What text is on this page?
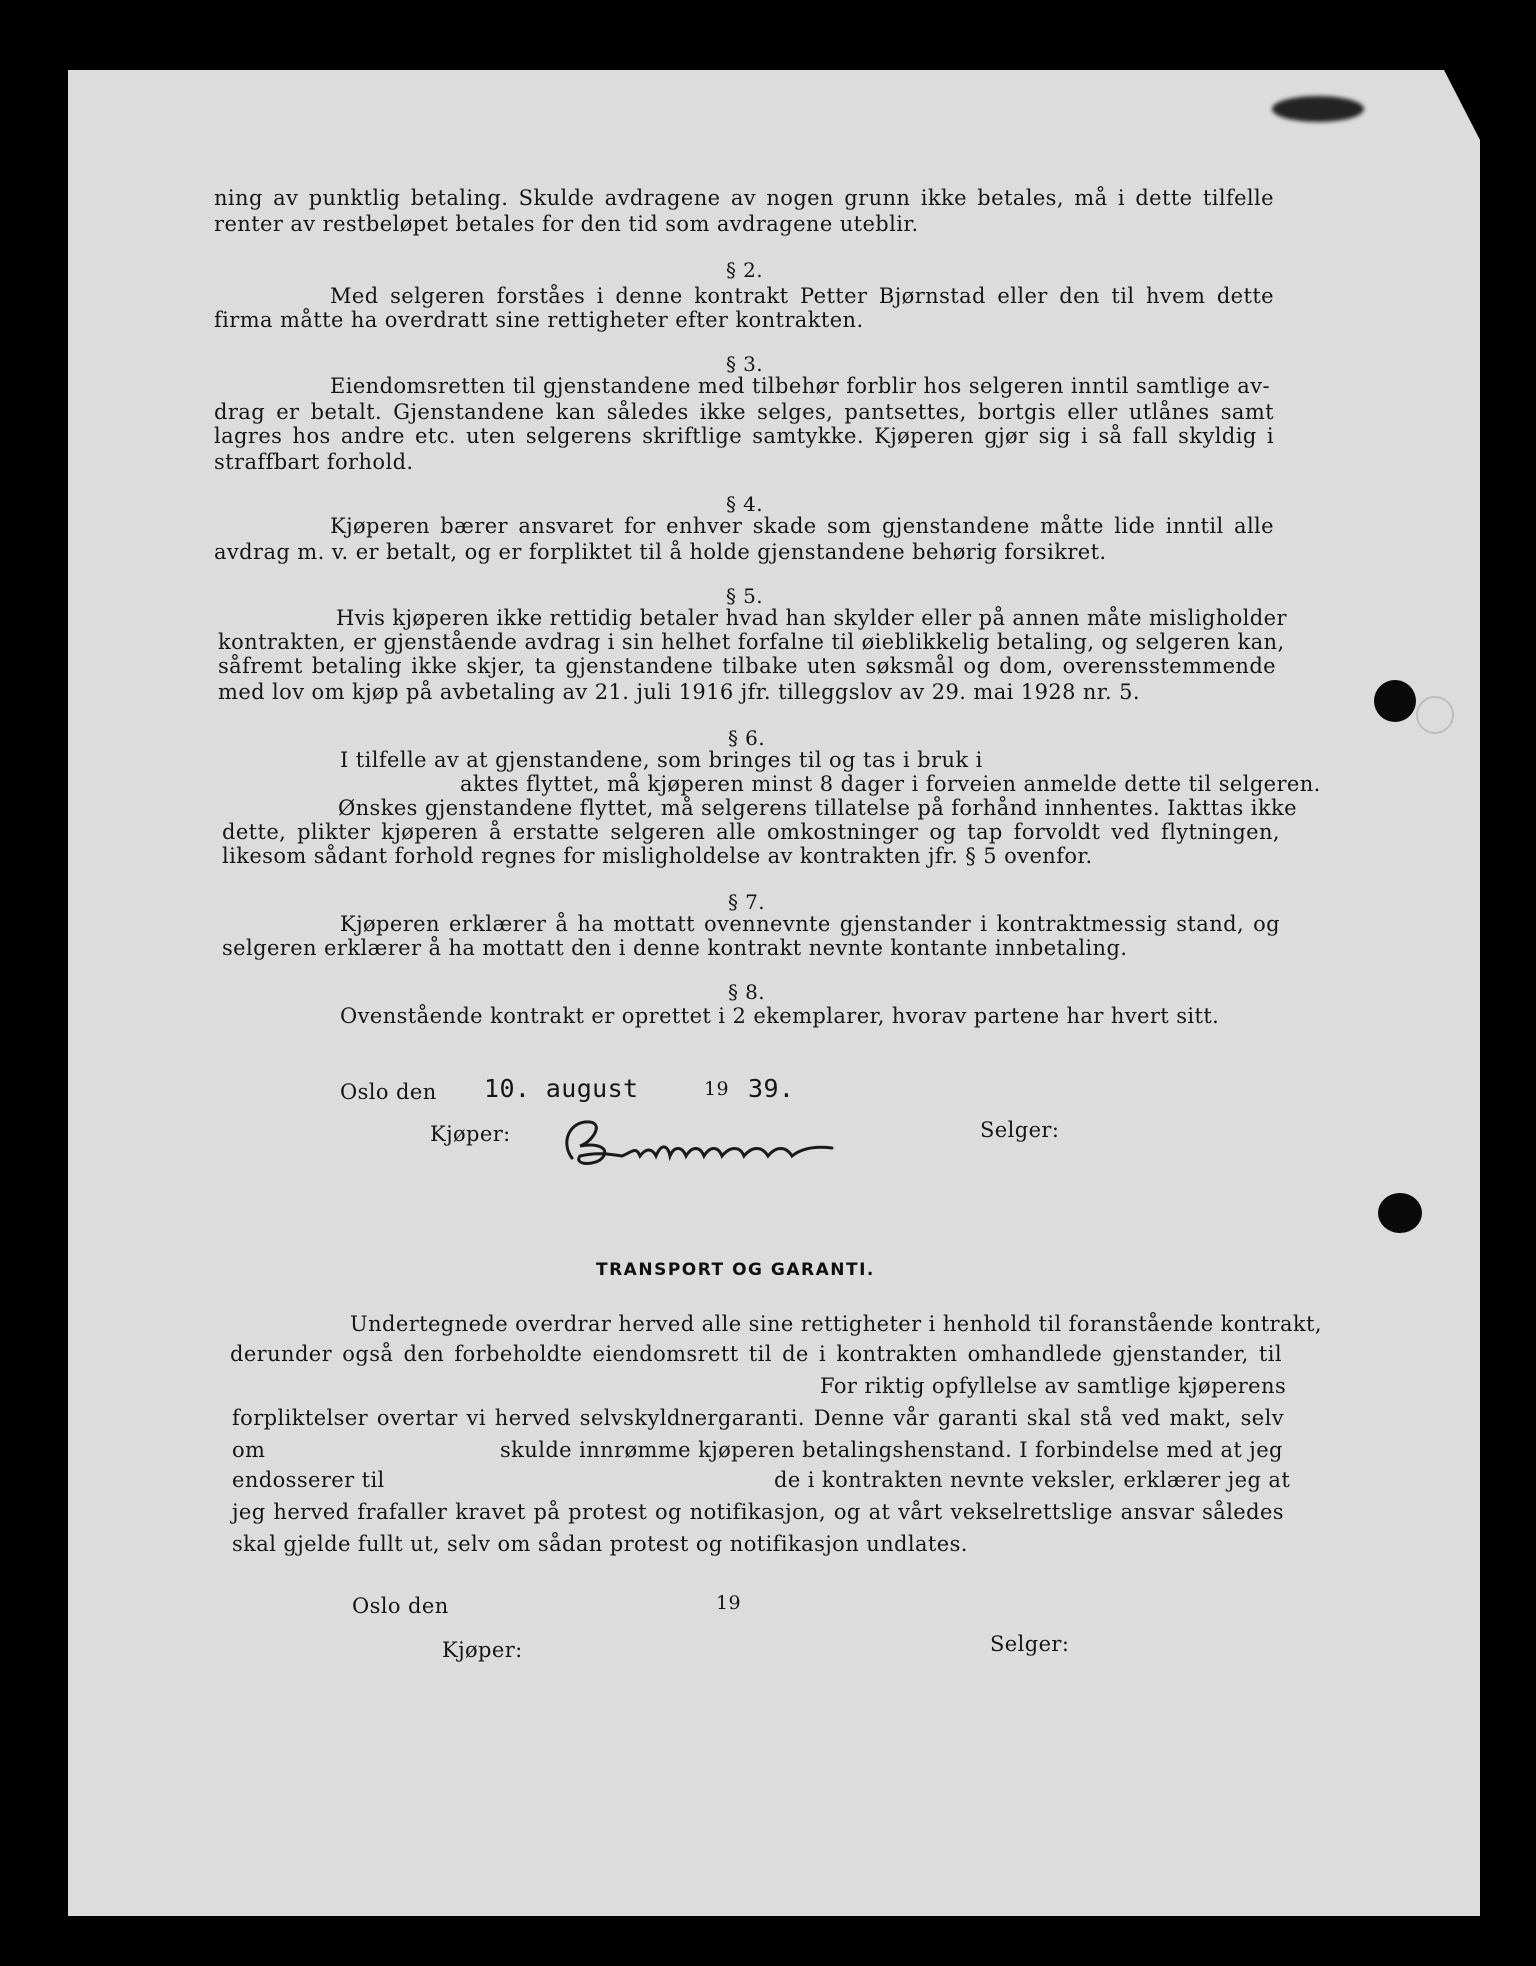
ning av punktlig betaling. Skulde avdragene av nogen grunn ikke betales, må i dette tilfelle
renter av restbeløpet betales for den tid som avdragene uteblir.
§ 2.
Med selgeren forståes i denne kontrakt Petter Bjørnstad eller den til hvem dette
firma måtte ha overdratt sine rettigheter efter kontrakten.
§ 3.
Eiendomsretten til gjenstandene med tilbehør forblir hos selgeren inntil samtlige av-
drag er betalt. Gjenstandene kan således ikke selges, pantsettes, bortgis eller utlånes samt
lagres hos andre etc. uten selgerens skriftlige samtykke. Kjøperen gjør sig i så fall skyldig i
straffbart forhold.
§ 4.
Kjøperen bærer ansvaret for enhver skade som gjenstandene måtte lide inntil alle
avdrag m. v. er betalt, og er forpliktet til å holde gjenstandene behørig forsikret.
§ 5.
Hvis kjøperen ikke rettidig betaler hvad han skylder eller på annen måte misligholder
kontrakten, er gjenstående avdrag i sin helhet forfalne til øieblikkelig betaling, og selgeren kan,
såfremt betaling ikke skjer, ta gjenstandene tilbake uten søksmål og dom, overensstemmende
med lov om kjøp på avbetaling av 21. juli 1916 jfr. tilleggslov av 29. mai 1928 nr. 5.
§ 6.
I tilfelle av at gjenstandene, som bringes til og tas i bruk i
aktes flyttet, må kjøperen minst 8 dager i forveien anmelde dette til selgeren.
Ønskes gjenstandene flyttet, må selgerens tillatelse på forhånd innhentes. Iakttas ikke
dette, plikter kjøperen å erstatte selgeren alle omkostninger og tap forvoldt ved flytningen,
likesom sådant forhold regnes for misligholdelse av kontrakten jfr. § 5 ovenfor.
§ 7.
Kjøperen erklærer å ha mottatt ovennevnte gjenstander i kontraktmessig stand, og
selgeren erklærer å ha mottatt den i denne kontrakt nevnte kontante innbetaling.
§ 8.
Ovenstående kontrakt er oprettet i 2 ekemplarer, hvorav partene har hvert sitt.
Oslo den 10. august	19 39.
Kjøper:	Selger:
TRANSPORT OG GARANTI.
Undertegnede overdrar herved alle sine rettigheter i henhold til foranstående kontrakt,
derunder også den forbeholdte eiendomsrett til de i kontrakten omhandlede gjenstander, til
For riktig opfyllelse av samtlige kjøperens
forpliktelser overtar vi herved selvskyldnergaranti. Denne vår garanti skal stå ved makt, selv
om	skulde innrømme kjøperen betalingshenstand. I forbindelse med at jeg
endosserer til	de i kontrakten nevnte veksler, erklærer jeg at
jeg herved frafaller kravet på protest og notifikasjon, og at vårt vekselrettslige ansvar således
skal gjelde fullt ut, selv om sådan protest og notifikasjon undlates.
Oslo den	19
Kjøper:	Selger:
